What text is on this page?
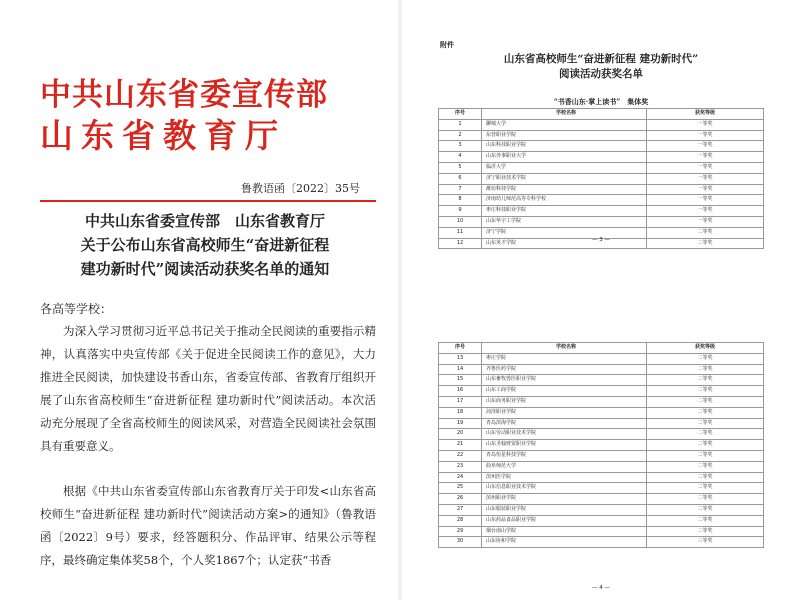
中共山东省委宣传部
山东省教育厅
鲁教语函〔2022〕35号
中共山东省委宣传部　山东省教育厅
关于公布山东省高校师生“奋进新征程
建功新时代”阅读活动获奖名单的通知
各高等学校：

为深入学习贯彻习近平总书记关于推动全民阅读的重要指示精神，认真落实中央宣传部《关于促进全民阅读工作的意见》，大力推进全民阅读，加快建设书香山东，省委宣传部、省教育厅组织开展了山东省高校师生“奋进新征程 建功新时代”阅读活动。本次活动充分展现了全省高校师生的阅读风采，对营造全民阅读社会氛围具有重要意义。

根据《中共山东省委宣传部山东省教育厅关于印发<山东省高校师生“奋进新征程 建功新时代”阅读活动方案>的通知》（鲁教语函〔2022〕9号）要求，经答题积分、作品评审、结果公示等程序，最终确定集体奖58个，个人奖1867个；认定获“书香

附件
山东省高校师生“奋进新征程 建功新时代”
阅读活动获奖名单
“书香山东·掌上读书”　集体奖
序号	学校名称	获奖等级
1	聊城大学	一等奖
2	东营职业学院	一等奖
3	山东科技职业学院	一等奖
4	山东外事职业大学	一等奖
5	临沂大学	一等奖
6	济宁职业技术学院	一等奖
7	潍坊科技学院	一等奖
8	济南幼儿师范高等专科学校	一等奖
9	枣庄科技职业学院	一等奖
10	山东华宇工学院	一等奖
11	济宁学院	二等奖
12	山东英才学院	二等奖
— 3 —
序号	学校名称	获奖等级
13	枣庄学院	二等奖
14	齐鲁医药学院	二等奖
15	山东畜牧兽医职业学院	二等奖
16	山东工商学院	二等奖
17	山东商务职业学院	二等奖
18	菏泽职业学院	二等奖
19	青岛滨海学院	二等奖
20	山东劳动职业技术学院	二等奖
21	山东圣翰财贸职业学院	二等奖
22	青岛恒星科技学院	二等奖
23	曲阜师范大学	二等奖
24	滨州医学院	二等奖
25	山东信息职业技术学院	二等奖
26	滨州职业学院	二等奖
27	山东服装职业学院	二等奖
28	山东药品食品职业学院	二等奖
29	烟台南山学院	二等奖
30	山东协和学院	三等奖
— 4 —
